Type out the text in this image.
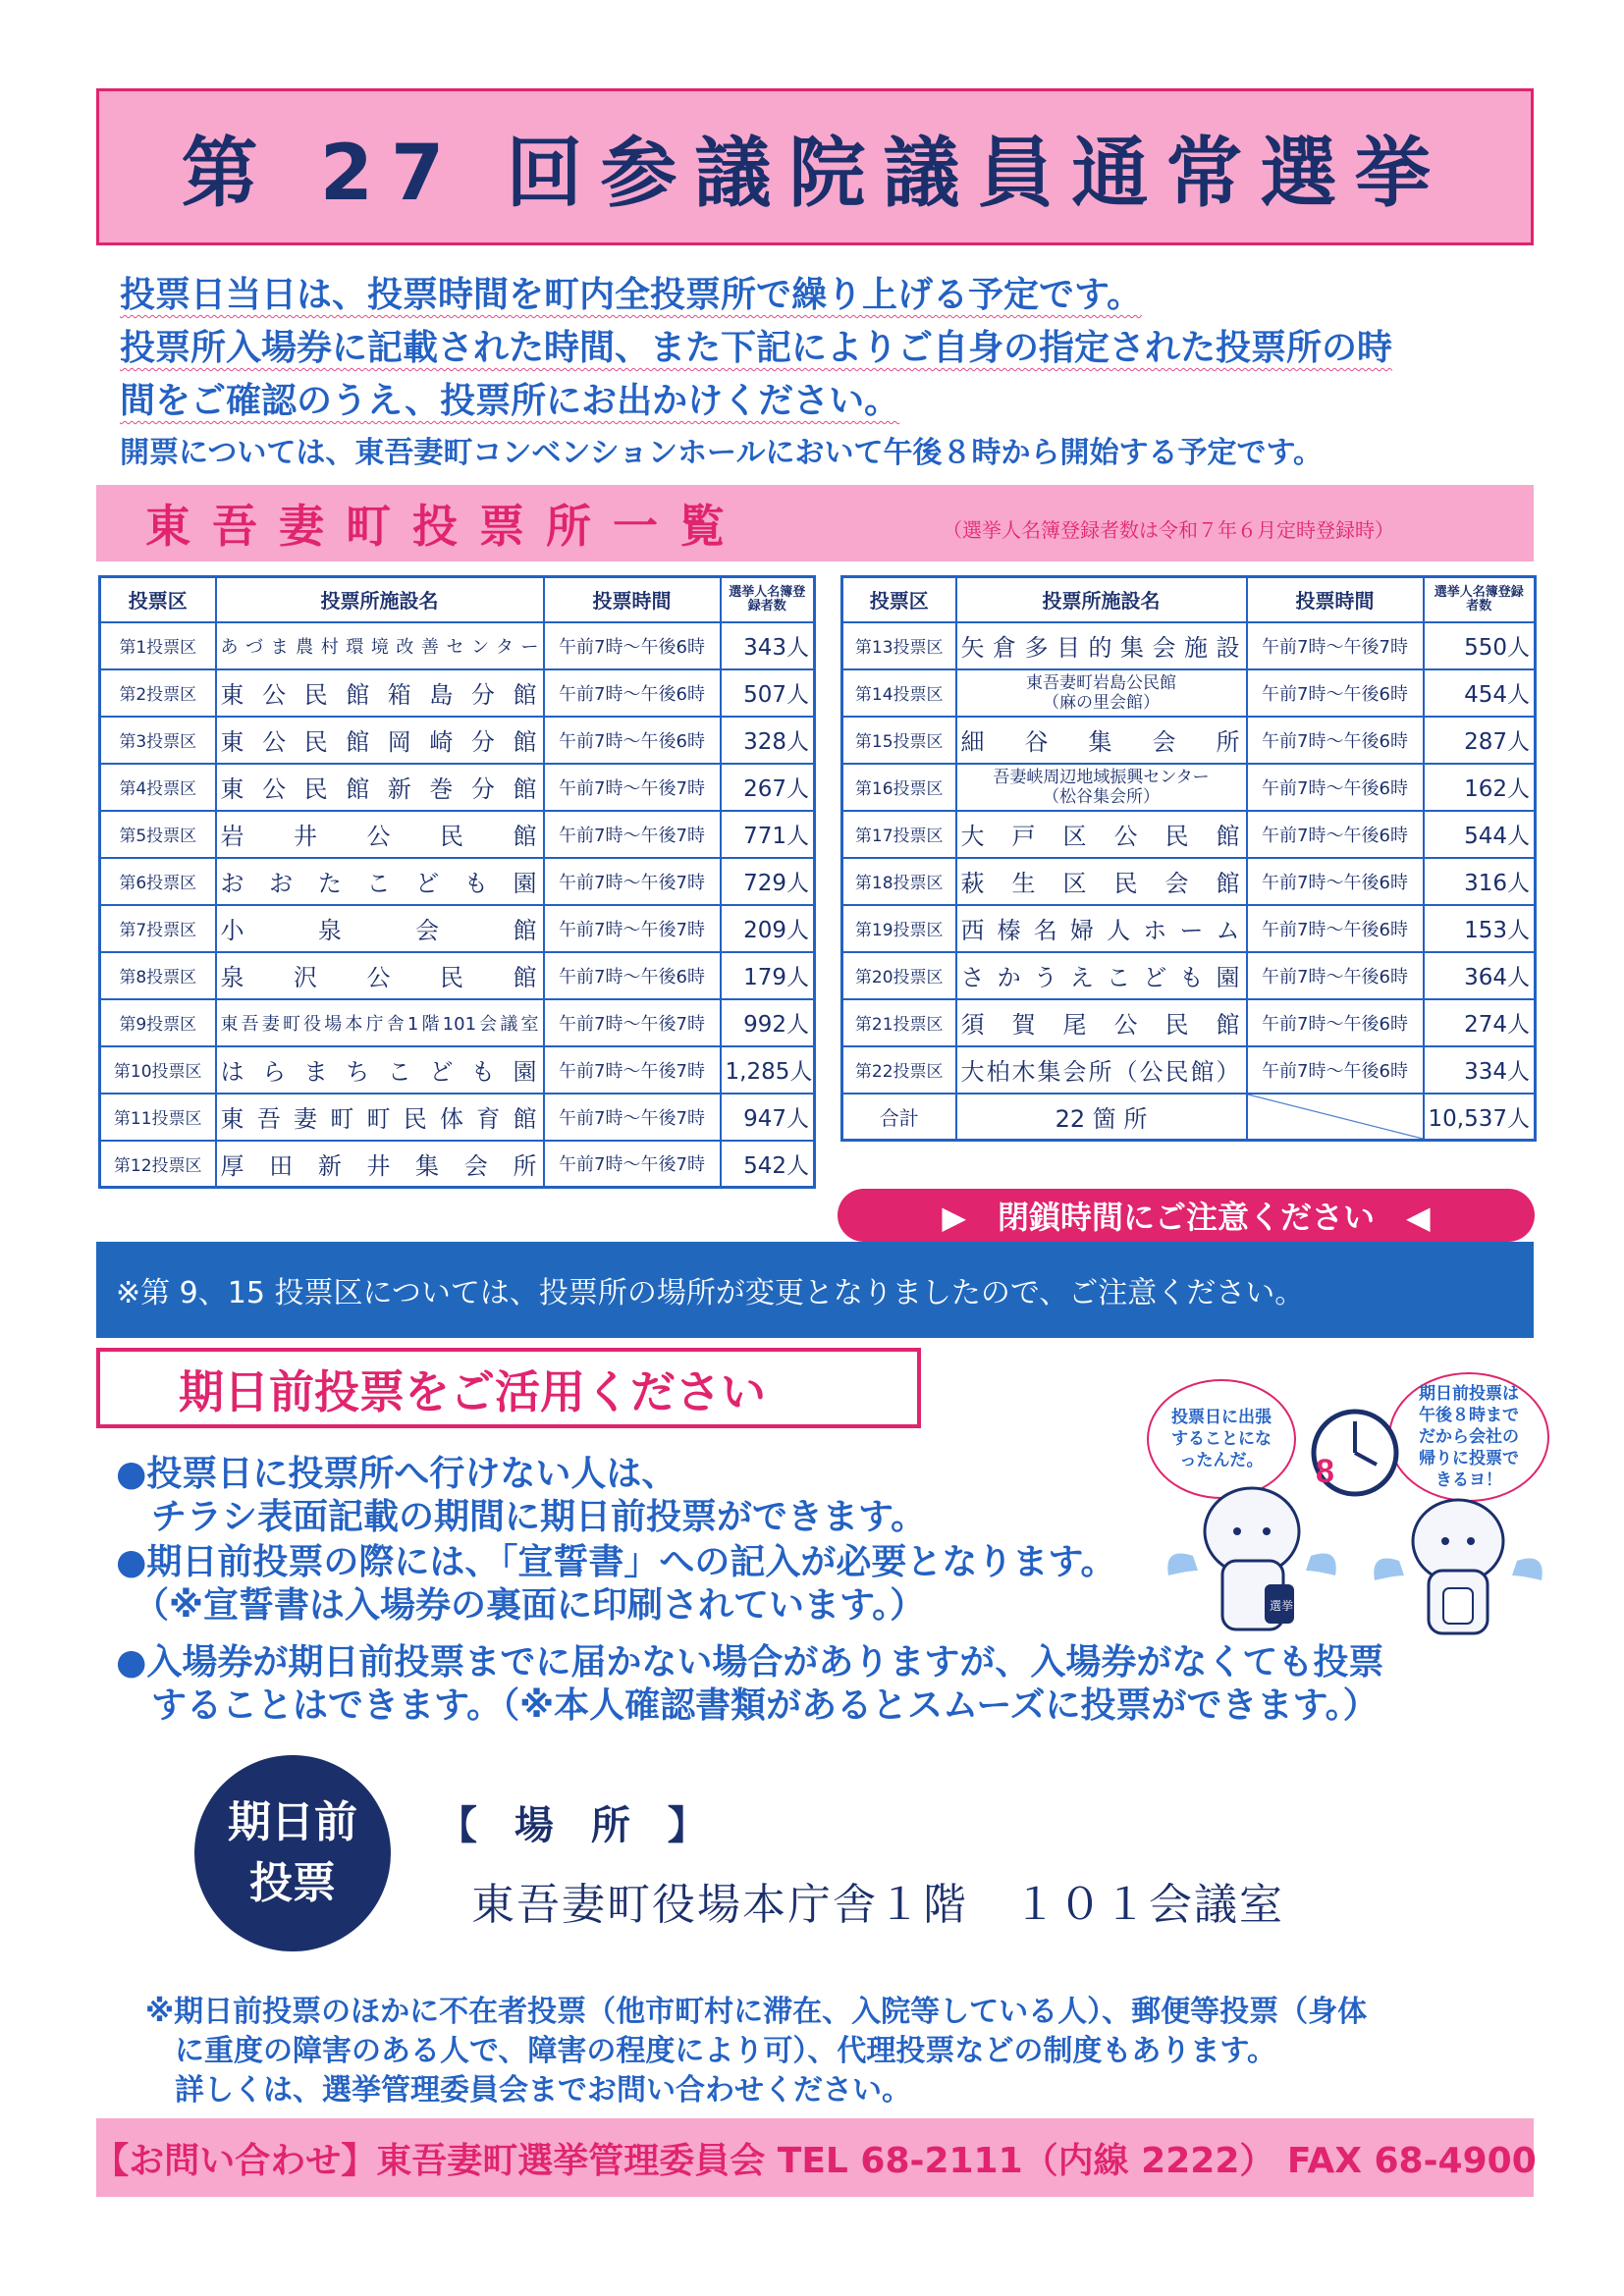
第 27 回参議院議員通常選挙
投票日当日は、投票時間を町内全投票所で繰り上げる予定です。
投票所入場券に記載された時間、また下記によりご自身の指定された投票所の時
間をご確認のうえ、投票所にお出かけください。
開票については、東吾妻町コンベンションホールにおいて午後８時から開始する予定です。
東吾妻町投票所一覧	（選挙人名簿登録者数は令和７年６月定時登録時）
投票区	投票所施設名	投票時間	選挙人名簿登録者数
第1投票区	あづま農村環境改善センター	午前7時～午後6時	343人
第2投票区	東公民館箱島分館	午前7時～午後6時	507人
第3投票区	東公民館岡崎分館	午前7時～午後6時	328人
第4投票区	東公民館新巻分館	午前7時～午後7時	267人
第5投票区	岩井公民館	午前7時～午後7時	771人
第6投票区	おおたこども園	午前7時～午後7時	729人
第7投票区	小泉会館	午前7時～午後7時	209人
第8投票区	泉沢公民館	午前7時～午後6時	179人
第9投票区	東吾妻町役場本庁舎1階101会議室	午前7時～午後7時	992人
第10投票区	はらまちこども園	午前7時～午後7時	1,285人
第11投票区	東吾妻町町民体育館	午前7時～午後7時	947人
第12投票区	厚田新井集会所	午前7時～午後7時	542人
投票区	投票所施設名	投票時間	選挙人名簿登録者数
第13投票区	矢倉多目的集会施設	午前7時～午後7時	550人
第14投票区	東吾妻町岩島公民館
（麻の里会館）	午前7時～午後6時	454人
第15投票区	細谷集会所	午前7時～午後6時	287人
第16投票区	吾妻峡周辺地域振興センター
（松谷集会所）	午前7時～午後6時	162人
第17投票区	大戸区公民館	午前7時～午後6時	544人
第18投票区	萩生区民会館	午前7時～午後6時	316人
第19投票区	西榛名婦人ホーム	午前7時～午後6時	153人
第20投票区	さかうえこども園	午前7時～午後6時	364人
第21投票区	須賀尾公民館	午前7時～午後6時	274人
第22投票区	大柏木集会所（公民館）	午前7時～午後6時	334人
合計	22 箇 所		10,537人
▶　閉鎖時間にご注意ください　◀
※第 9、15 投票区については、投票所の場所が変更となりましたので、ご注意ください。
期日前投票をご活用ください
●投票日に投票所へ行けない人は、
　チラシ表面記載の期間に期日前投票ができます。
●期日前投票の際には、「宣誓書」への記入が必要となります。
　（※宣誓書は入場券の裏面に印刷されています。）
●入場券が期日前投票までに届かない場合がありますが、入場券がなくても投票
　することはできます。（※本人確認書類があるとスムーズに投票ができます。）
投票日に出張することになったんだ。
期日前投票は午後８時までだから会社の帰りに投票できるヨ！
8
選挙
期日前
投票
【 場 所 】
東吾妻町役場本庁舎１階　１０１会議室
※期日前投票のほかに不在者投票（他市町村に滞在、入院等している人）、郵便等投票（身体
　に重度の障害のある人で、障害の程度により可）、代理投票などの制度もあります。
　詳しくは、選挙管理委員会までお問い合わせください。
【お問い合わせ】東吾妻町選挙管理委員会 TEL 68-2111（内線 2222） FAX 68-4900
